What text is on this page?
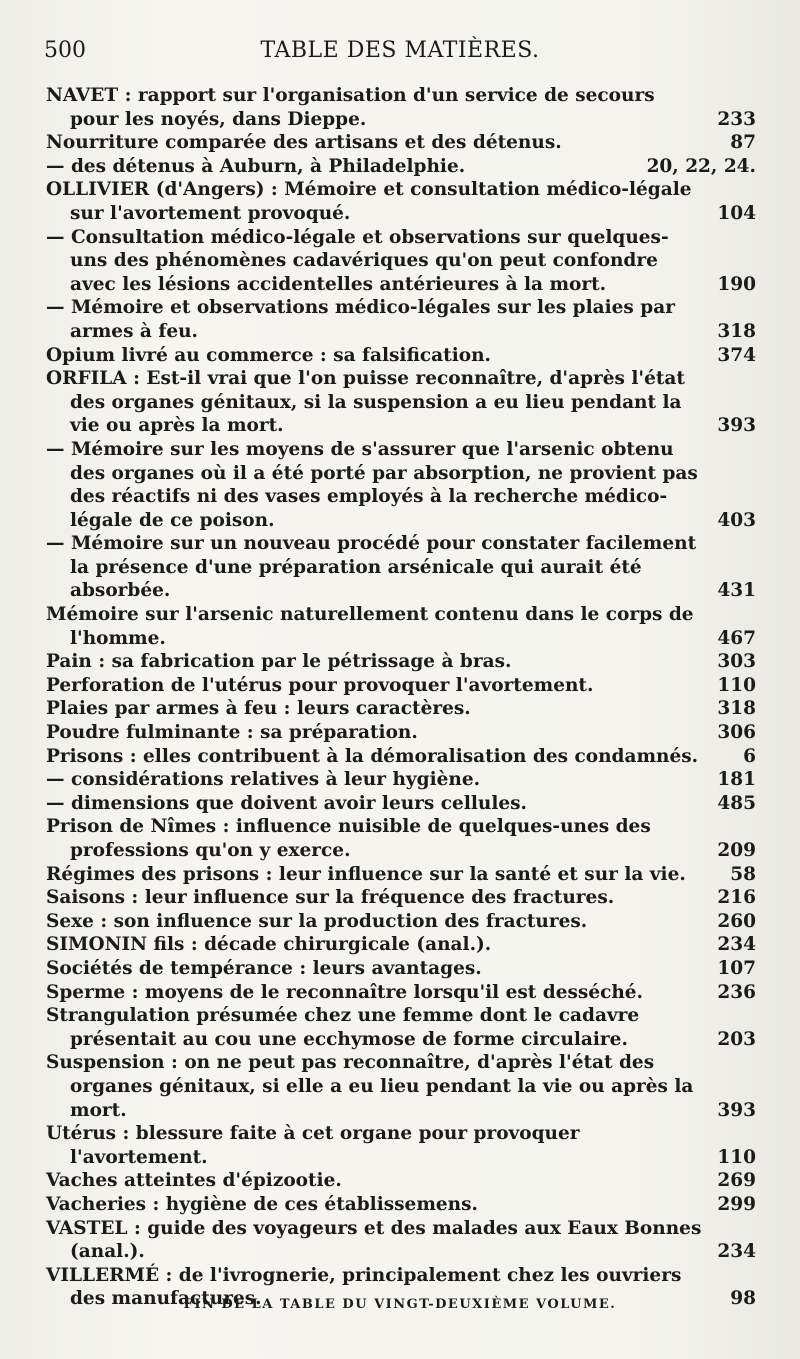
500	TABLE DES MATIÈRES.
NAVET : rapport sur l'organisation d'un service de secours pour les noyés, dans Dieppe.	233
Nourriture comparée des artisans et des détenus.	87
— des détenus à Auburn, à Philadelphie.	20, 22, 24.
OLLIVIER (d'Angers) : Mémoire et consultation médico-légale sur l'avortement provoqué.	104
— Consultation médico-légale et observations sur quelques-uns des phénomènes cadavériques qu'on peut confondre avec les lésions accidentelles antérieures à la mort.	190
— Mémoire et observations médico-légales sur les plaies par armes à feu.	318
Opium livré au commerce : sa falsification.	374
ORFILA : Est-il vrai que l'on puisse reconnaître, d'après l'état des organes génitaux, si la suspension a eu lieu pendant la vie ou après la mort.	393
— Mémoire sur les moyens de s'assurer que l'arsenic obtenu des organes où il a été porté par absorption, ne provient pas des réactifs ni des vases employés à la recherche médico-légale de ce poison.	403
— Mémoire sur un nouveau procédé pour constater facilement la présence d'une préparation arsénicale qui aurait été absorbée.	431
Mémoire sur l'arsenic naturellement contenu dans le corps de l'homme.	467
Pain : sa fabrication par le pétrissage à bras.	303
Perforation de l'utérus pour provoquer l'avortement.	110
Plaies par armes à feu : leurs caractères.	318
Poudre fulminante : sa préparation.	306
Prisons : elles contribuent à la démoralisation des condamnés.	6
— considérations relatives à leur hygiène.	181
— dimensions que doivent avoir leurs cellules.	485
Prison de Nîmes : influence nuisible de quelques-unes des professions qu'on y exerce.	209
Régimes des prisons : leur influence sur la santé et sur la vie.	58
Saisons : leur influence sur la fréquence des fractures.	216
Sexe : son influence sur la production des fractures.	260
SIMONIN fils : décade chirurgicale (anal.).	234
Sociétés de tempérance : leurs avantages.	107
Sperme : moyens de le reconnaître lorsqu'il est desséché.	236
Strangulation présumée chez une femme dont le cadavre présentait au cou une ecchymose de forme circulaire.	203
Suspension : on ne peut pas reconnaître, d'après l'état des organes génitaux, si elle a eu lieu pendant la vie ou après la mort.	393
Utérus : blessure faite à cet organe pour provoquer l'avortement.	110
Vaches atteintes d'épizootie.	269
Vacheries : hygiène de ces établissemens.	299
VASTEL : guide des voyageurs et des malades aux Eaux Bonnes (anal.).	234
VILLERMÉ : de l'ivrognerie, principalement chez les ouvriers des manufactures.	98
FIN DE LA TABLE DU VINGT-DEUXIÈME VOLUME.
